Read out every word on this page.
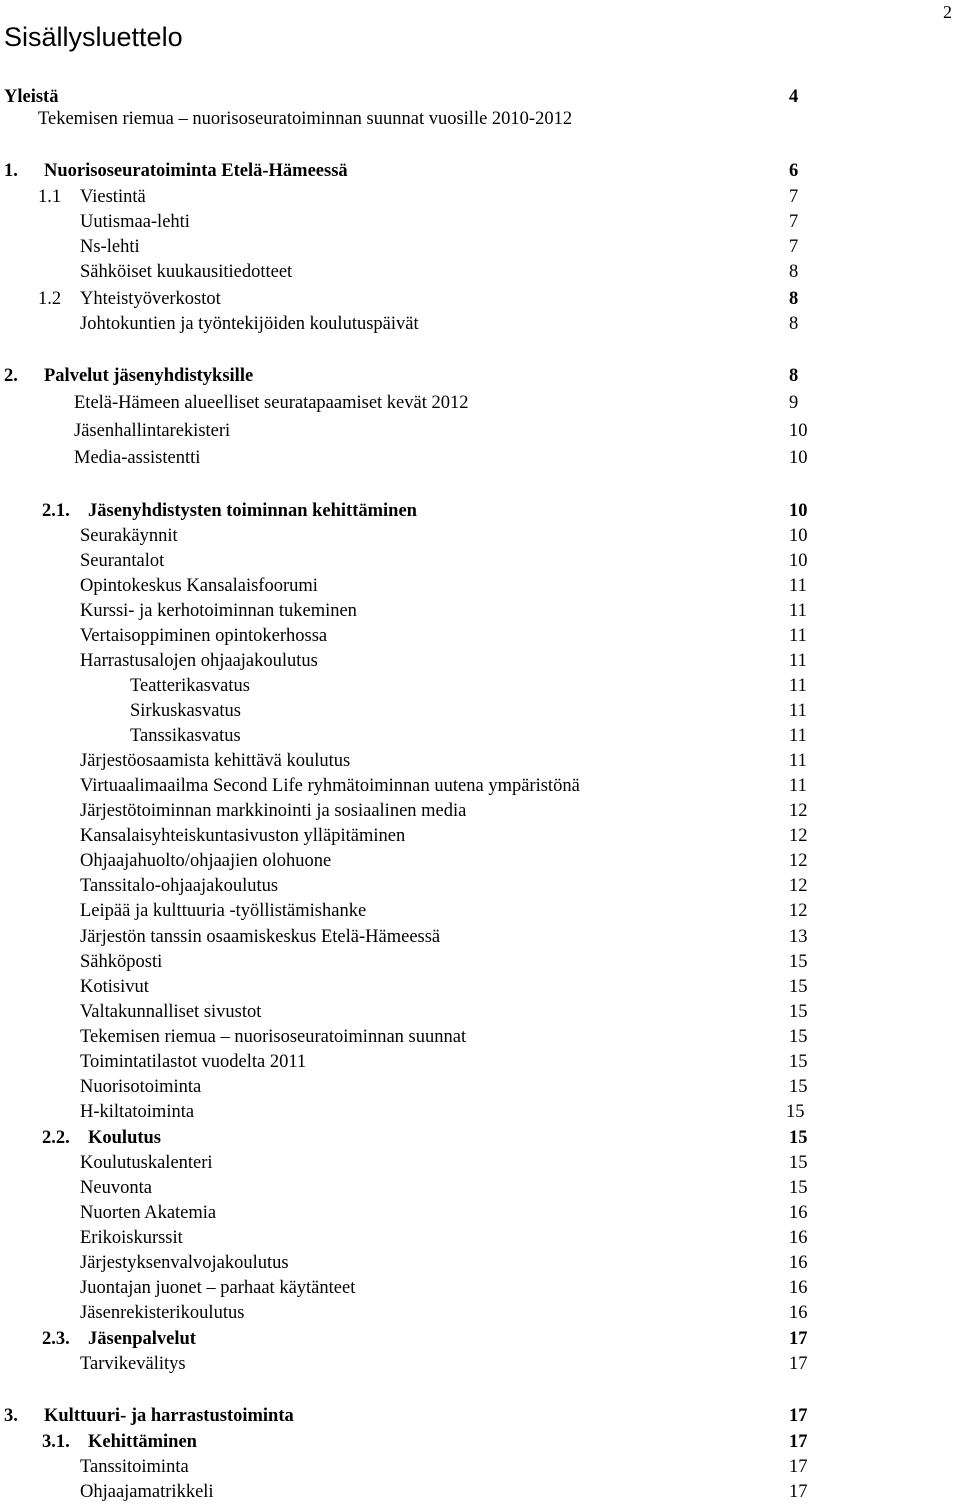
2
Sisällysluettelo
Yleistä	4
Tekemisen riemua – nuorisoseuratoiminnan suunnat vuosille 2010-2012
1. Nuorisoseuratoiminta Etelä-Hämeessä	6
1.1 Viestintä	7
Uutismaa-lehti	7
Ns-lehti	7
Sähköiset kuukausitiedotteet	8
1.2 Yhteistyöverkostot	8
Johtokuntien ja työntekijöiden koulutuspäivät	8
2. Palvelut jäsenyhdistyksille	8
Etelä-Hämeen alueelliset seuratapaamiset kevät 2012	9
Jäsenhallintarekisteri	10
Media-assistentti	10
2.1. Jäsenyhdistysten toiminnan kehittäminen	10
Seurakäynnit	10
Seurantalot	10
Opintokeskus Kansalaisfoorumi	11
Kurssi- ja kerhotoiminnan tukeminen	11
Vertaisoppiminen opintokerhossa	11
Harrastusalojen ohjaajakoulutus	11
Teatterikasvatus	11
Sirkuskasvatus	11
Tanssikasvatus	11
Järjestöosaamista kehittävä koulutus	11
Virtuaalimaailma Second Life ryhmätoiminnan uutena ympäristönä	11
Järjestötoiminnan markkinointi ja sosiaalinen media	12
Kansalaisyhteiskuntasivuston ylläpitäminen	12
Ohjaajahuolto/ohjaajien olohuone	12
Tanssitalo-ohjaajakoulutus	12
Leipää ja kulttuuria -työllistämishanke	12
Järjestön tanssin osaamiskeskus Etelä-Hämeessä	13
Sähköposti	15
Kotisivut	15
Valtakunnalliset sivustot	15
Tekemisen riemua – nuorisoseuratoiminnan suunnat	15
Toimintatilastot vuodelta 2011	15
Nuorisotoiminta	15
H-kiltatoiminta	15
2.2. Koulutus	15
Koulutuskalenteri	15
Neuvonta	15
Nuorten Akatemia	16
Erikoiskurssit	16
Järjestyksenvalvojakoulutus	16
Juontajan juonet – parhaat käytänteet	16
Jäsenrekisterikoulutus	16
2.3. Jäsenpalvelut	17
Tarvikevälitys	17
3. Kulttuuri- ja harrastustoiminta	17
3.1. Kehittäminen	17
Tanssitoiminta	17
Ohjaajamatrikkeli	17
